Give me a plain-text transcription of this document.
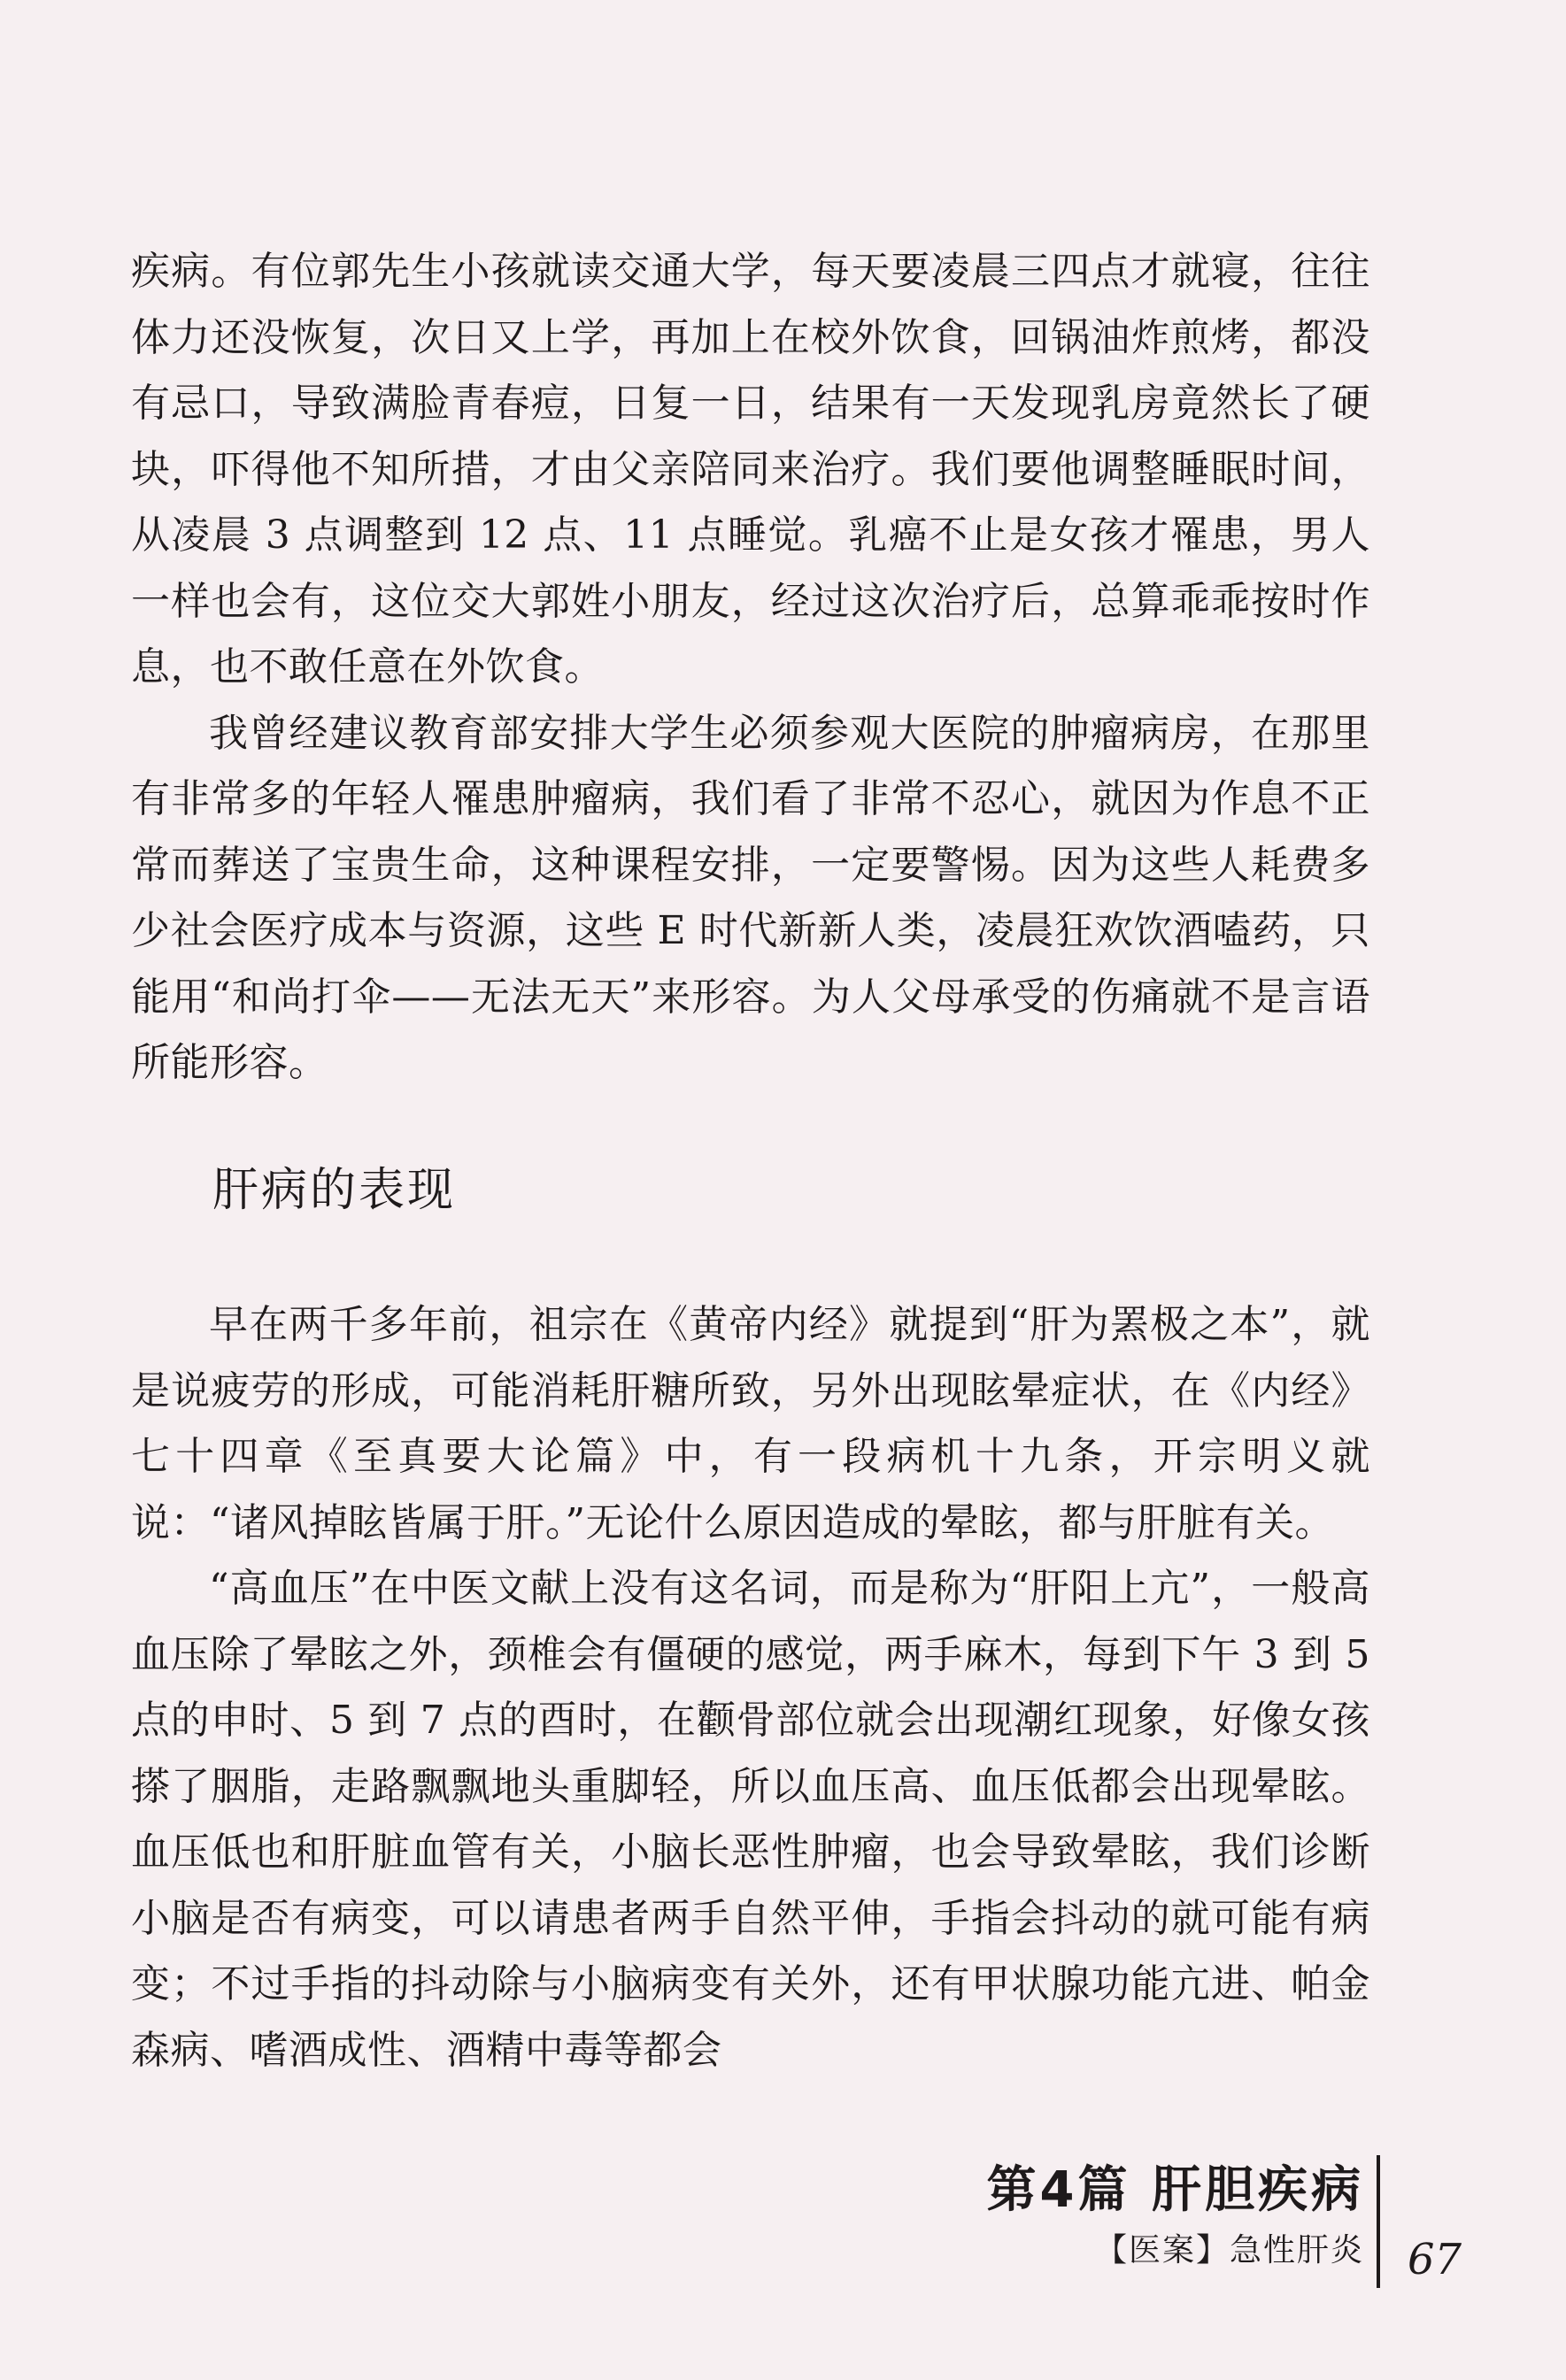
疾病。有位郭先生小孩就读交通大学，每天要凌晨三四点才就寝，往往体力还没恢复，次日又上学，再加上在校外饮食，回锅油炸煎烤，都没有忌口，导致满脸青春痘，日复一日，结果有一天发现乳房竟然长了硬块，吓得他不知所措，才由父亲陪同来治疗。我们要他调整睡眠时间，从凌晨 3 点调整到 12 点、11 点睡觉。乳癌不止是女孩才罹患，男人一样也会有，这位交大郭姓小朋友，经过这次治疗后，总算乖乖按时作息，也不敢任意在外饮食。

我曾经建议教育部安排大学生必须参观大医院的肿瘤病房，在那里有非常多的年轻人罹患肿瘤病，我们看了非常不忍心，就因为作息不正常而葬送了宝贵生命，这种课程安排，一定要警惕。因为这些人耗费多少社会医疗成本与资源，这些 E 时代新新人类，凌晨狂欢饮酒嗑药，只能用“和尚打伞——无法无天”来形容。为人父母承受的伤痛就不是言语所能形容。

肝病的表现

早在两千多年前，祖宗在《黄帝内经》就提到“肝为罴极之本”，就是说疲劳的形成，可能消耗肝糖所致，另外出现眩晕症状，在《内经》七十四章《至真要大论篇》中，有一段病机十九条，开宗明义就说：“诸风掉眩皆属于肝。”无论什么原因造成的晕眩，都与肝脏有关。

“高血压”在中医文献上没有这名词，而是称为“肝阳上亢”，一般高血压除了晕眩之外，颈椎会有僵硬的感觉，两手麻木，每到下午 3 到 5 点的申时、5 到 7 点的酉时，在颧骨部位就会出现潮红现象，好像女孩搽了胭脂，走路飘飘地头重脚轻，所以血压高、血压低都会出现晕眩。血压低也和肝脏血管有关，小脑长恶性肿瘤，也会导致晕眩，我们诊断小脑是否有病变，可以请患者两手自然平伸，手指会抖动的就可能有病变；不过手指的抖动除与小脑病变有关外，还有甲状腺功能亢进、帕金森病、嗜酒成性、酒精中毒等都会

第4篇 肝胆疾病
【医案】急性肝炎	67
